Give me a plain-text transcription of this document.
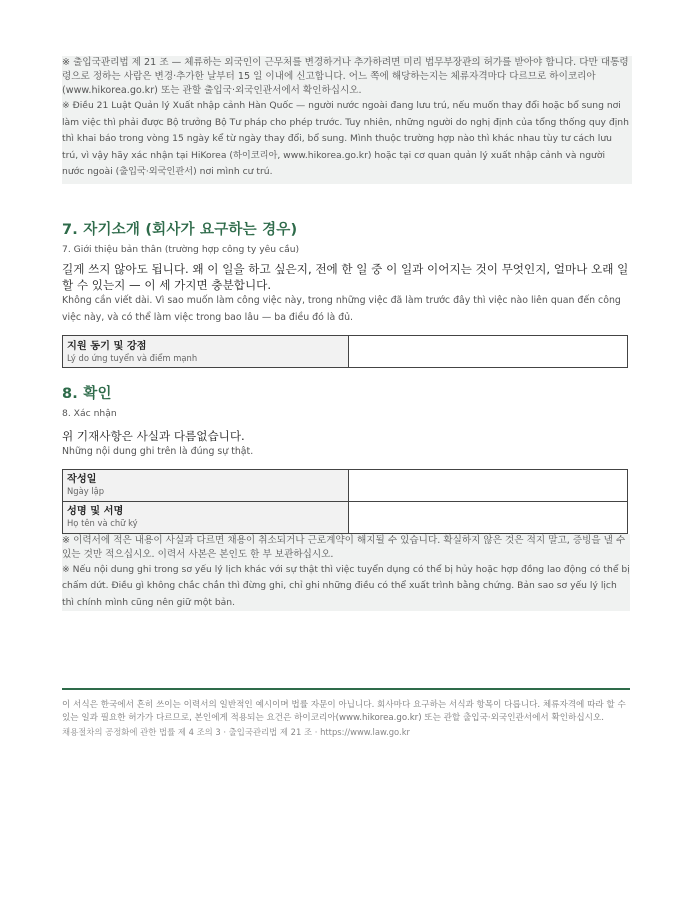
※ 출입국관리법 제 21 조 — 체류하는 외국인이 근무처를 변경하거나 추가하려면 미리 법무부장관의 허가를 받아야 합니다. 다만 대통령령으로 정하는 사람은 변경·추가한 날부터 15 일 이내에 신고합니다. 어느 쪽에 해당하는지는 체류자격마다 다르므로 하이코리아(www.hikorea.go.kr) 또는 관할 출입국·외국인관서에서 확인하십시오.
※ Điều 21 Luật Quản lý Xuất nhập cảnh Hàn Quốc — người nước ngoài đang lưu trú, nếu muốn thay đổi hoặc bổ sung nơi làm việc thì phải được Bộ trưởng Bộ Tư pháp cho phép trước. Tuy nhiên, những người do nghị định của tổng thống quy định thì khai báo trong vòng 15 ngày kể từ ngày thay đổi, bổ sung. Mình thuộc trường hợp nào thì khác nhau tùy tư cách lưu trú, vì vậy hãy xác nhận tại HiKorea (하이코리아, www.hikorea.go.kr) hoặc tại cơ quan quản lý xuất nhập cảnh và người nước ngoài (출입국·외국인관서) nơi mình cư trú.
7. 자기소개 (회사가 요구하는 경우)
7. Giới thiệu bản thân (trường hợp công ty yêu cầu)
길게 쓰지 않아도 됩니다. 왜 이 일을 하고 싶은지, 전에 한 일 중 이 일과 이어지는 것이 무엇인지, 얼마나 오래 일할 수 있는지 — 이 세 가지면 충분합니다.
Không cần viết dài. Vì sao muốn làm công việc này, trong những việc đã làm trước đây thì việc nào liên quan đến công việc này, và có thể làm việc trong bao lâu — ba điều đó là đủ.
지원 동기 및 강점
Lý do ứng tuyển và điểm mạnh

8. 확인
8. Xác nhận
위 기재사항은 사실과 다름없습니다.
Những nội dung ghi trên là đúng sự thật.
작성일
Ngày lập	

성명 및 서명
Họ tên và chữ ký	

※ 이력서에 적은 내용이 사실과 다르면 채용이 취소되거나 근로계약이 해지될 수 있습니다. 확실하지 않은 것은 적지 말고, 증빙을 낼 수 있는 것만 적으십시오. 이력서 사본은 본인도 한 부 보관하십시오.
※ Nếu nội dung ghi trong sơ yếu lý lịch khác với sự thật thì việc tuyển dụng có thể bị hủy hoặc hợp đồng lao động có thể bị chấm dứt. Điều gì không chắc chắn thì đừng ghi, chỉ ghi những điều có thể xuất trình bằng chứng. Bản sao sơ yếu lý lịch thì chính mình cũng nên giữ một bản.
이 서식은 한국에서 흔히 쓰이는 이력서의 일반적인 예시이며 법률 자문이 아닙니다. 회사마다 요구하는 서식과 항목이 다릅니다. 체류자격에 따라 할 수 있는 일과 필요한 허가가 다르므로, 본인에게 적용되는 요건은 하이코리아(www.hikorea.go.kr) 또는 관할 출입국·외국인관서에서 확인하십시오.
채용절차의 공정화에 관한 법률 제 4 조의 3 · 출입국관리법 제 21 조 · https://www.law.go.kr
